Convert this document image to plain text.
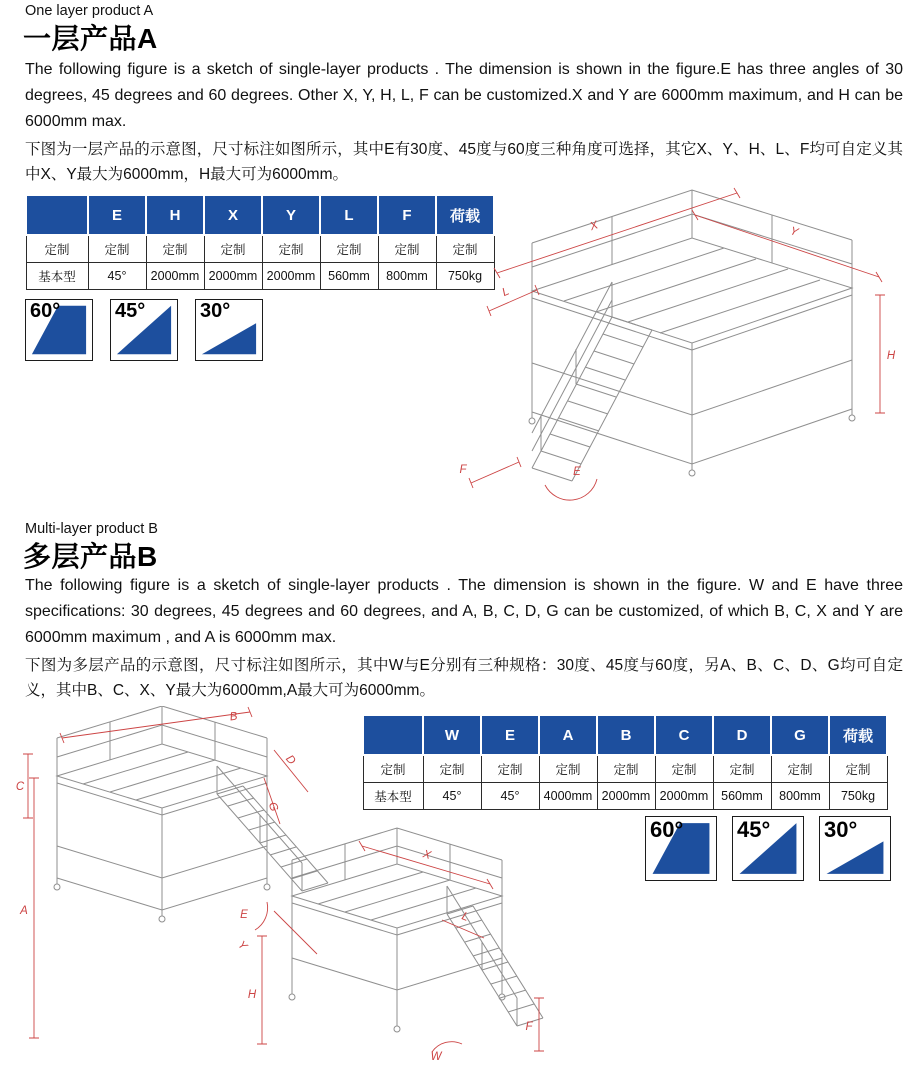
One layer product A
一层产品A
The following figure is a sketch of single-layer products . The dimension is shown in the figure.E has three angles of 30 degrees, 45 degrees and 60 degrees. Other X, Y, H, L, F can be customized.X and Y are 6000mm maximum, and H can be 6000mm max.
下图为一层产品的示意图，尺寸标注如图所示，其中E有30度、45度与60度三种角度可选择，其它X、Y、H、L、F均可自定义其中X、Y最大为6000mm，H最大可为6000mm。
	E	H	X	Y	L	F	荷载
定制	定制	定制	定制	定制	定制	定制	定制
基本型	45°	2000mm	2000mm	2000mm	560mm	800mm	750kg
60°	45°	30°
X	Y
L
H
E
F
Multi-layer product B
多层产品B
The following figure is a sketch of single-layer products . The dimension is shown in the figure. W and E have three specifications: 30 degrees, 45 degrees and 60 degrees, and A, B, C, D, G can be customized, of which B, C, X and Y are 6000mm maximum , and A is 6000mm max.
下图为多层产品的示意图，尺寸标注如图所示，其中W与E分别有三种规格：30度、45度与60度，另A、B、C、D、G均可自定义，其中B、C、X、Y最大为6000mm,A最大可为6000mm。
	W	E	A	B	C	D	G	荷载
定制	定制	定制	定制	定制	定制	定制	定制	定制
基本型	45°	45°	4000mm	2000mm	2000mm	560mm	800mm	750kg
60° 45° 30°
B
C
D
G
A
X
E
Y
H
L
W
F
